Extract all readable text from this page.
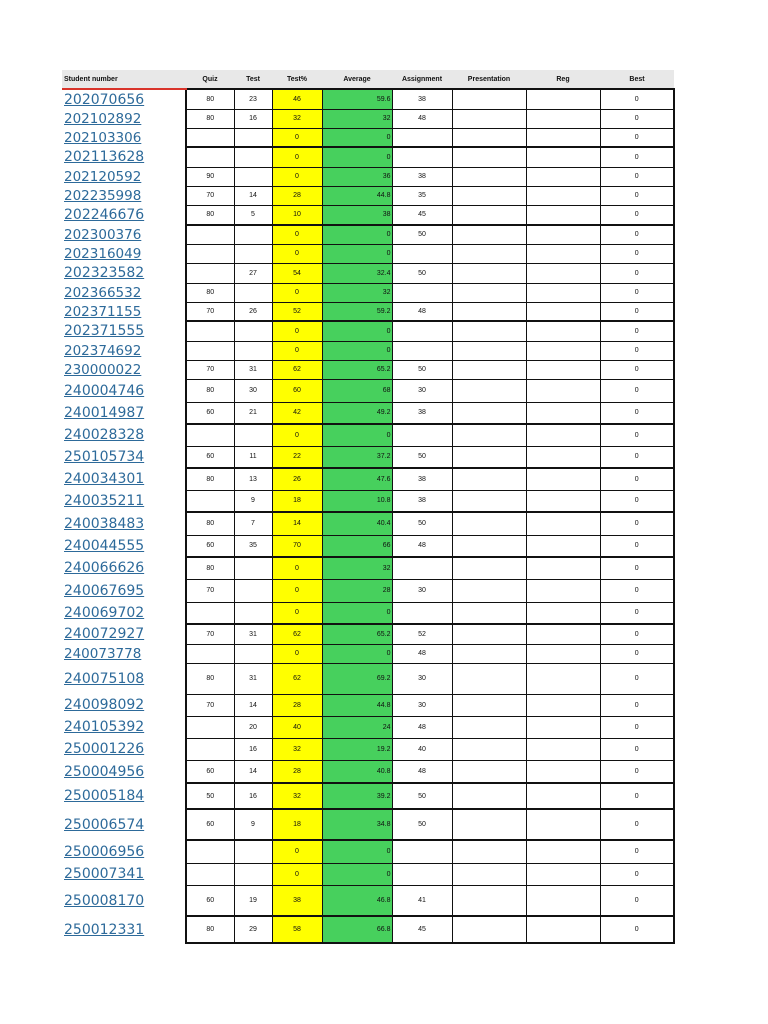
Student number	Quiz	Test	Test%	Average	Assignment	Presentation	Reg	Best
202070656	80	23	46	59.6	38			0
202102892	80	16	32	32	48			0
202103306			0	0				0
202113628			0	0				0
202120592	90		0	36	38			0
202235998	70	14	28	44.8	35			0
202246676	80	5	10	38	45			0
202300376			0	0	50			0
202316049			0	0				0
202323582		27	54	32.4	50			0
202366532	80		0	32				0
202371155	70	26	52	59.2	48			0
202371555			0	0				0
202374692			0	0				0
230000022	70	31	62	65.2	50			0
240004746	80	30	60	68	30			0
240014987	60	21	42	49.2	38			0
240028328			0	0				0
250105734	60	11	22	37.2	50			0
240034301	80	13	26	47.6	38			0
240035211		9	18	10.8	38			0
240038483	80	7	14	40.4	50			0
240044555	60	35	70	66	48			0
240066626	80		0	32				0
240067695	70		0	28	30			0
240069702			0	0				0
240072927	70	31	62	65.2	52			0
240073778			0	0	48			0
240075108	80	31	62	69.2	30			0
240098092	70	14	28	44.8	30			0
240105392		20	40	24	48			0
250001226		16	32	19.2	40			0
250004956	60	14	28	40.8	48			0
250005184	50	16	32	39.2	50			0
250006574	60	9	18	34.8	50			0
250006956			0	0				0
250007341			0	0				0
250008170	60	19	38	46.8	41			0
250012331	80	29	58	66.8	45			0
